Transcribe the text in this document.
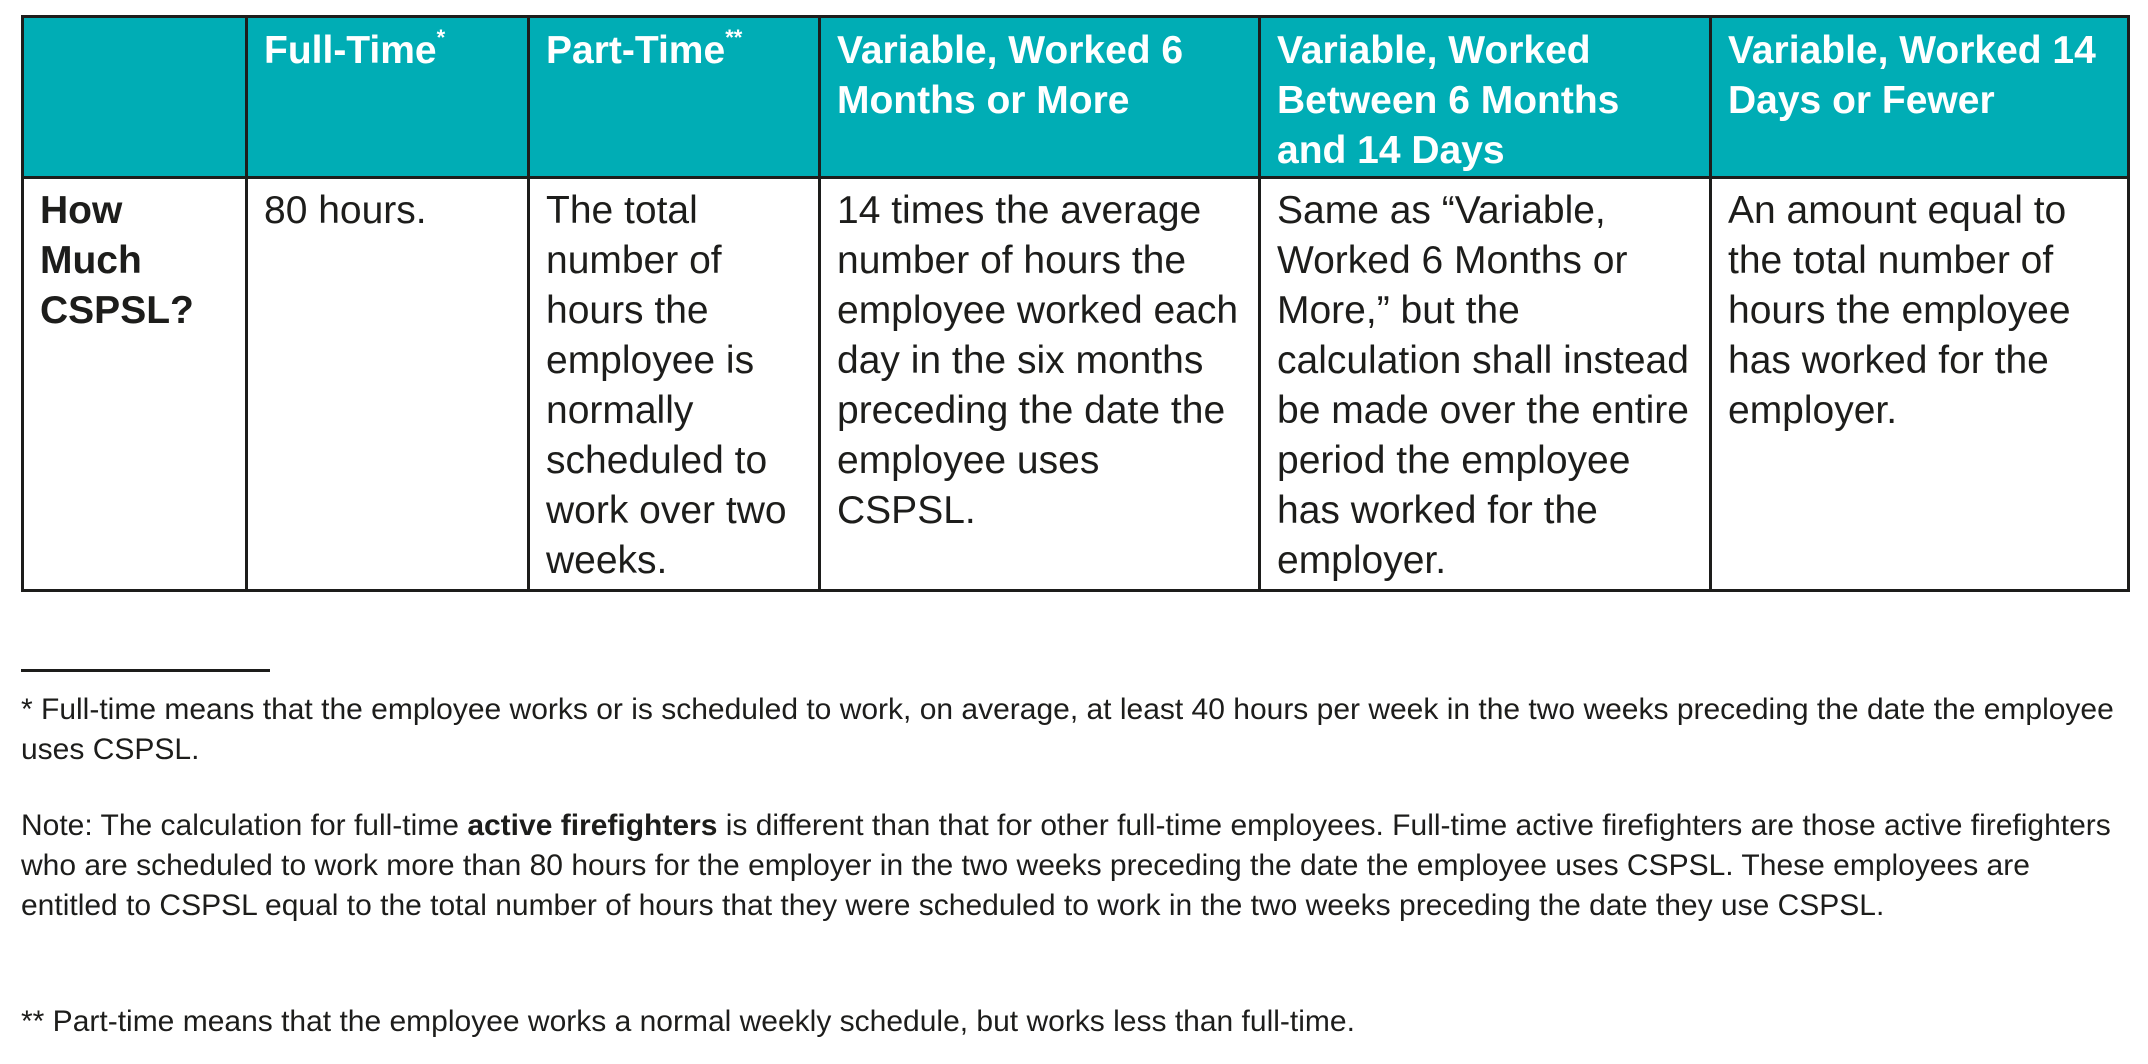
	Full-Time*	Part-Time**	Variable, Worked 6 Months or More	Variable, Worked Between 6 Months and 14 Days	Variable, Worked 14 Days or Fewer
How Much CSPSL?	80 hours.	The total number of hours the employee is normally scheduled to work over two weeks.	14 times the average number of hours the employee worked each day in the six months preceding the date the employee uses CSPSL.	Same as “Variable, Worked 6 Months or More,” but the calculation shall instead be made over the entire period the employee has worked for the employer.	An amount equal to the total number of hours the employee has worked for the employer.

* Full-time means that the employee works or is scheduled to work, on average, at least 40 hours per week in the two weeks preceding the date the employee uses CSPSL.

Note: The calculation for full-time active firefighters is different than that for other full-time employees. Full-time active firefighters are those active firefighters who are scheduled to work more than 80 hours for the employer in the two weeks preceding the date the employee uses CSPSL. These employees are entitled to CSPSL equal to the total number of hours that they were scheduled to work in the two weeks preceding the date they use CSPSL.

** Part-time means that the employee works a normal weekly schedule, but works less than full-time.
